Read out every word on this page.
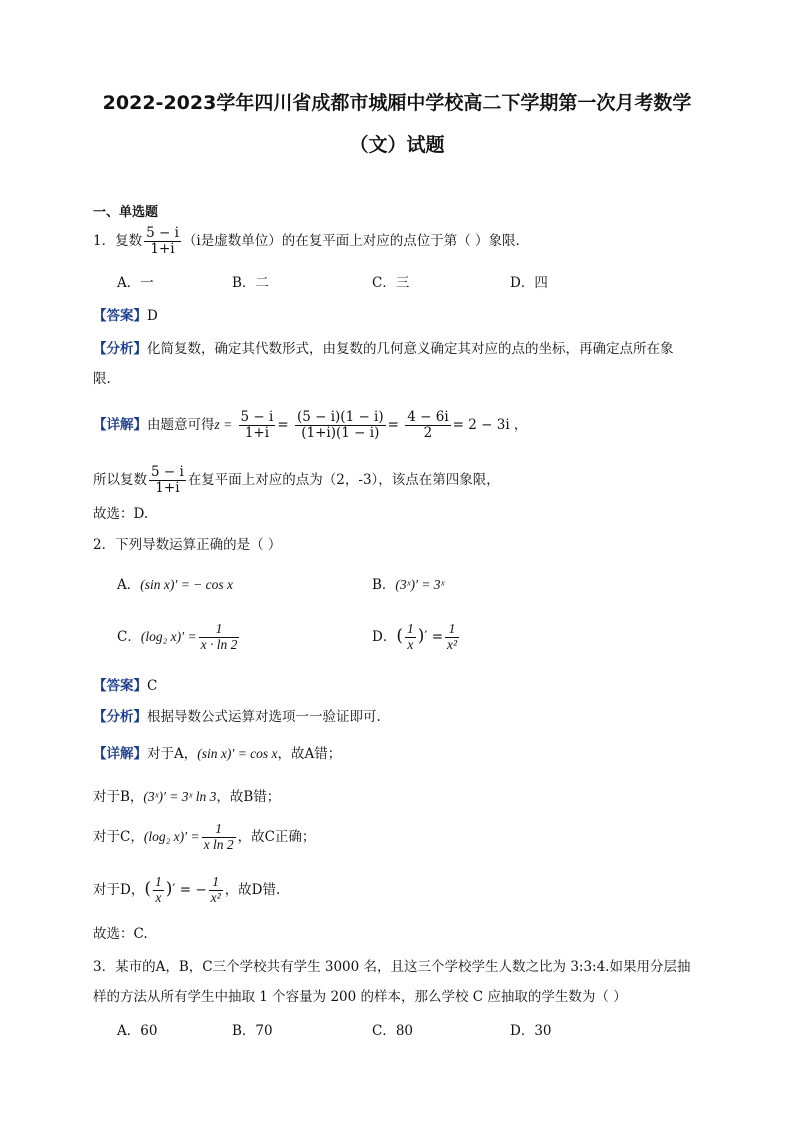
2022-2023学年四川省成都市城厢中学校高二下学期第一次月考数学
（文）试题
一、单选题
1．复数 $\frac{5 - i}{1+i} (i$是虚数单位）的在复平面上对应的点位于第（ ）象限.
A．一	B．二	C．三	D．四
【答案】D
【分析】化简复数，确定其代数形式，由复数的几何意义确定其对应的点的坐标，再确定点所在象
限.
【详解】由题意可得$z = \frac{5 - i}{1+i} = \frac{(5 - i)(1 - i)}{(1+i)(1 - i)} = \frac{4 - 6i}{2} = 2 - 3i$ ，
所以复数 $\frac{5 - i}{1+i}$ 在复平面上对应的点为（2，-3），该点在第四象限，
故选：D.
2．下列导数运算正确的是（ ）
A．(sin x)′ = − cos x	B．(3ˣ)′ = 3ˣ
C．(log₂ $x)' = \frac{1}{x \cdot \ln 2}$	D．( $\frac{1}{x}$ )′ = $\frac{1}{\text{x²}}$
【答案】C
【分析】根据导数公式运算对选项一一验证即可.
【详解】对于A，(sin x)′ = cos x，故A错；
对于B，(3ˣ)′ = 3ˣ ln 3，故B错；
对于C，(log₂ $x)' = \frac{1}{\text{x ln 2}}$ ，故C正确；
对于D，( $\frac{1}{x}$ )′ = − $\frac{1}{\text{x²}}$ ，故D错.
故选：C.
3．某市的A，B，C三个学校共有学生 3000 名，且这三个学校学生人数之比为 3:3:4.如果用分层抽
样的方法从所有学生中抽取 1 个容量为 200 的样本，那么学校 C 应抽取的学生数为（ ）
A．60	B．70	C．80	D．30
